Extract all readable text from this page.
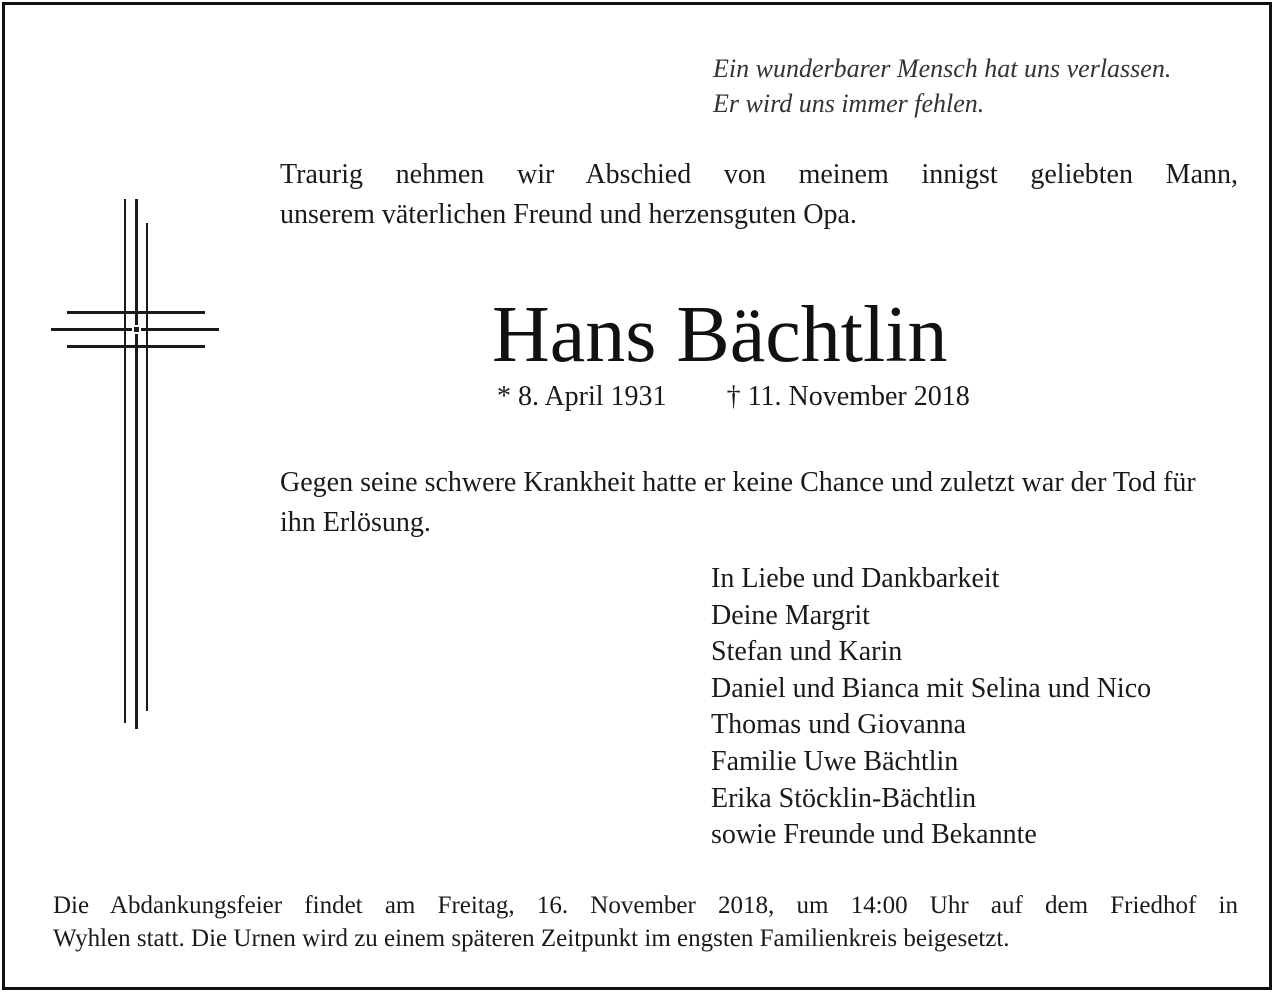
Ein wunderbarer Mensch hat uns verlassen.
Er wird uns immer fehlen.
Traurig nehmen wir Abschied von meinem innigst geliebten Mann,
unserem väterlichen Freund und herzensguten Opa.
Hans Bächtlin
* 8. April 1931 † 11. November 2018
Gegen seine schwere Krankheit hatte er keine Chance und zuletzt war der Tod für ihn Erlösung.
In Liebe und Dankbarkeit
Deine Margrit
Stefan und Karin
Daniel und Bianca mit Selina und Nico
Thomas und Giovanna
Familie Uwe Bächtlin
Erika Stöcklin-Bächtlin
sowie Freunde und Bekannte
Die Abdankungsfeier findet am Freitag, 16. November 2018, um 14:00 Uhr auf dem Friedhof in
Wyhlen statt. Die Urnen wird zu einem späteren Zeitpunkt im engsten Familienkreis beigesetzt.
